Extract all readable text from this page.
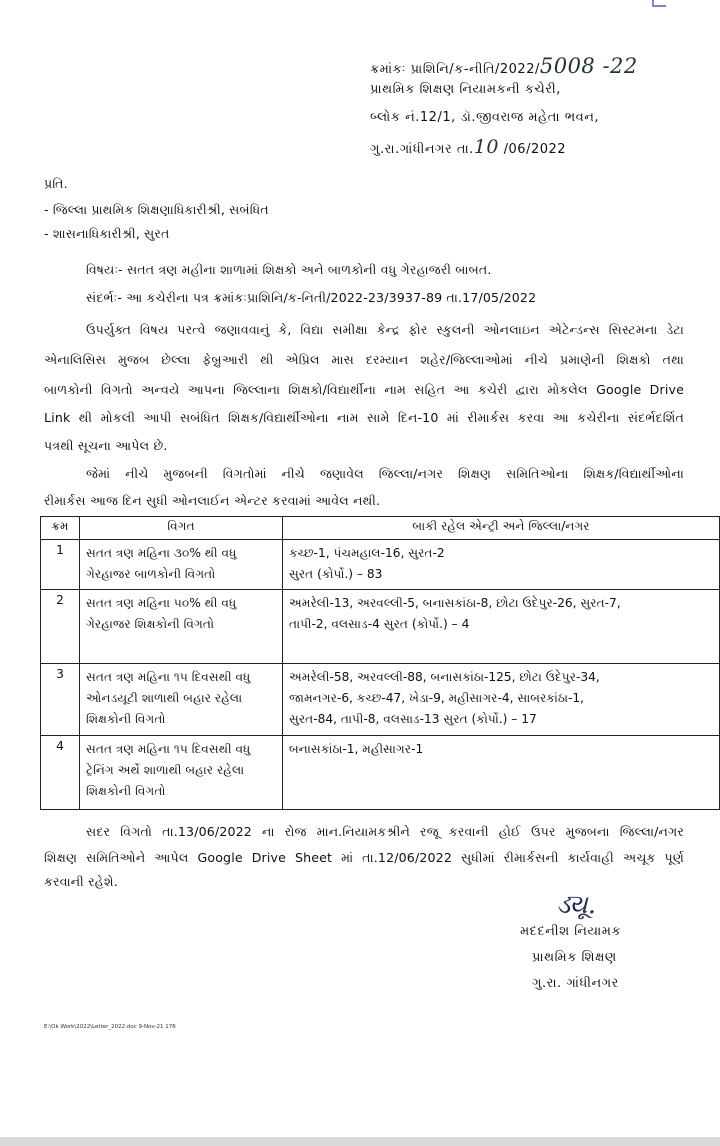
ક્રમાંકઃ પ્રાશિનિ/ક-નીતિ/2022/5008 -22
પ્રાથમિક શિક્ષણ નિયામકની કચેરી,
બ્લોક નં.12/1, ડૉ.જીવરાજ મહેતા ભવન,
ગુ.રા.ગાંધીનગર તા.10 /06/2022
પ્રતિ.
- જિલ્લા પ્રાથમિક શિક્ષણાધિકારીશ્રી, સબંધિત
- શાસનાધિકારીશ્રી, સુરત
વિષયઃ- સતત ત્રણ મહીના શાળામાં શિક્ષકો અને બાળકોની વધુ ગેરહાજરી બાબત.
સંદર્ભઃ- આ કચેરીના પત્ર ક્રમાંકઃપ્રાશિનિ/ક-નિતી/2022-23/3937-89 તા.17/05/2022
ઉપર્યુક્ત વિષય પરત્વે જણાવવાનું કે, વિદ્યા સમીક્ષા કેન્દ્ર ફોર સ્કુલની ઓનલાઇન એટેન્ડન્સ સિસ્ટમના ડેટા
એનાલિસિસ મુજબ છેલ્લા ફેબ્રુઆરી થી એપ્રિલ માસ દરમ્યાન શહેર/જિલ્લાઓમાં નીચે પ્રમાણેની શિક્ષકો તથા
બાળકોની વિગતો અન્વયે આપના જિલ્લાના શિક્ષકો/વિદ્યાર્થીના નામ સહિત આ કચેરી દ્વારા મોકલેલ Google Drive
Link થી મોકલી આપી સબંધિત શિક્ષક/વિદ્યાર્થીઓના નામ સામે દિન-10 માં રીમાર્કસ કરવા આ કચેરીના સંદર્ભદર્શિત
પત્રથી સૂચના આપેલ છે.
જેમાં નીચે મુજબની વિગતોમાં નીચે જણાવેલ જિલ્લા/નગર શિક્ષણ સમિતિઓના શિક્ષક/વિદ્યાર્થીઓના
રીમાર્કસ આજ દિન સુધી ઓનલાઈન એન્ટર કરવામાં આવેલ નથી.
ક્રમ	વિગત	બાકી રહેલ એન્ટ્રી અને જિલ્લા/નગર
1	સતત ત્રણ મહિના ૩૦% થી વધુ
ગેરહાજર બાળકોની વિગતો	કચ્છ-1, પંચમહાલ-16, સુરત-2
સુરત (કોર્પો.) – 83

2	સતત ત્રણ મહિના ૫૦% થી વધુ
ગેરહાજર શિક્ષકોની વિગતો	અમરેલી-13, અરવલ્લી-5, બનાસકાંઠા-8, છોટા ઉદેપુર-26, સુરત-7,
તાપી-2, વલસાડ-4 સુરત (કોર્પો.) – 4

3	સતત ત્રણ મહિના ૧૫ દિવસથી વધુ
ઓનડયૂટી શાળાથી બહાર રહેલા
શિક્ષકોની વિગતો	અમરેલી-58, અરવલ્લી-88, બનાસકાંઠા-125, છોટા ઉદેપુર-34,
જામનગર-6, કચ્છ-47, ખેડા-9, મહીસાગર-4, સાબરકાંઠા-1,
સુરત-84, તાપી-8, વલસાડ-13 સુરત (કોર્પો.) – 17

4	સતત ત્રણ મહિના ૧૫ દિવસથી વધુ
ટ્રેનિંગ અર્થે શાળાથી બહાર રહેલા
શિક્ષકોની વિગતો	બનાસકાંઠા-1, મહીસાગર-1
સદર વિગતો તા.13/06/2022 ના રોજ માન.નિયામકશ્રીને રજૂ કરવાની હોઈ ઉપર મુજબના જિલ્લા/નગર
શિક્ષણ સમિતિઓને આપેલ Google Drive Sheet માં તા.12/06/2022 સુધીમાં રીમાર્કસની કાર્યવાહી અચૂક પૂર્ણ
કરવાની રહેશે.
ડ્યૂ.
મદદનીશ નિયામક
પ્રાથમિક શિક્ષણ
ગુ.રા. ગાંધીનગર
E:\Ok Work\2022\Letter_2022.doc 9-Nov-21 176
